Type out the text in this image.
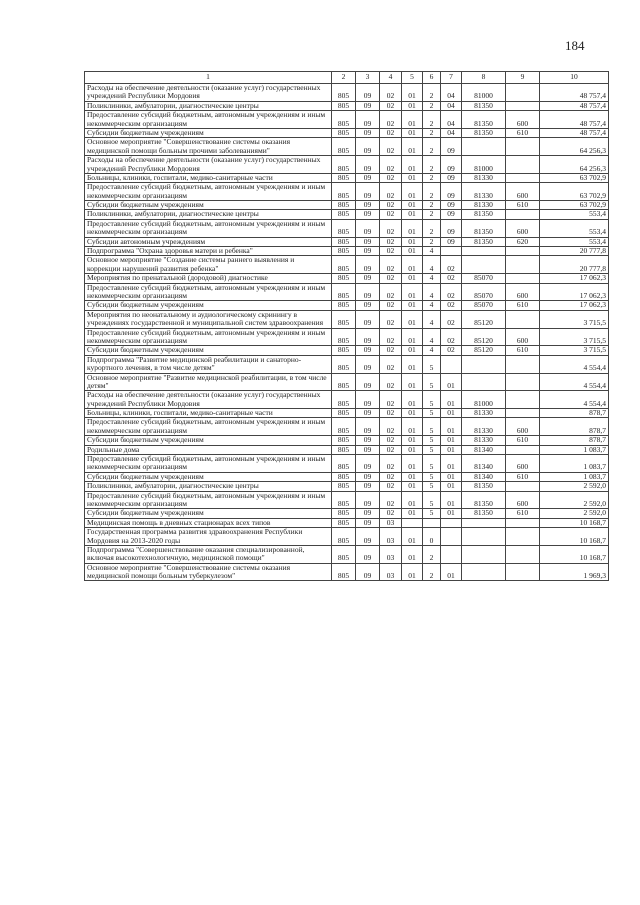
184
1	2	3	4	5	6	7	8	9	10
Расходы на обеспечение деятельности (оказание услуг) государственных учреждений Республики Мордовия	805	09	02	01	2	04	81000		48 757,4
Поликлиники, амбулатории, диагностические центры	805	09	02	01	2	04	81350		48 757,4
Предоставление субсидий бюджетным, автономным учреждениям и иным некоммерческим организациям	805	09	02	01	2	04	81350	600	48 757,4
Субсидии бюджетным учреждениям	805	09	02	01	2	04	81350	610	48 757,4
Основное мероприятие "Совершенствование системы оказания медицинской помощи больным прочими заболеваниями"	805	09	02	01	2	09			64 256,3
Расходы на обеспечение деятельности (оказание услуг) государственных учреждений Республики Мордовия	805	09	02	01	2	09	81000		64 256,3
Больницы, клиники, госпитали, медико-санитарные части	805	09	02	01	2	09	81330		63 702,9
Предоставление субсидий бюджетным, автономным учреждениям и иным некоммерческим организациям	805	09	02	01	2	09	81330	600	63 702,9
Субсидии бюджетным учреждениям	805	09	02	01	2	09	81330	610	63 702,9
Поликлиники, амбулатории, диагностические центры	805	09	02	01	2	09	81350		553,4
Предоставление субсидий бюджетным, автономным учреждениям и иным некоммерческим организациям	805	09	02	01	2	09	81350	600	553,4
Субсидии автономным учреждениям	805	09	02	01	2	09	81350	620	553,4
Подпрограмма "Охрана здоровья матери и ребенка"	805	09	02	01	4				20 777,8
Основное мероприятие "Создание системы раннего выявления и коррекции нарушений развития ребенка"	805	09	02	01	4	02			20 777,8
Мероприятия по пренатальной (дородовой) диагностике	805	09	02	01	4	02	85070		17 062,3
Предоставление субсидий бюджетным, автономным учреждениям и иным некоммерческим организациям	805	09	02	01	4	02	85070	600	17 062,3
Субсидии бюджетным учреждениям	805	09	02	01	4	02	85070	610	17 062,3
Мероприятия по неонатальному и аудиологическому скринингу в учреждениях государственной и муниципальной систем здравоохранения	805	09	02	01	4	02	85120		3 715,5
Предоставление субсидий бюджетным, автономным учреждениям и иным некоммерческим организациям	805	09	02	01	4	02	85120	600	3 715,5
Субсидии бюджетным учреждениям	805	09	02	01	4	02	85120	610	3 715,5
Подпрограмма "Развитие медицинской реабилитации и санаторно-курортного лечения, в том числе детям"	805	09	02	01	5				4 554,4
Основное мероприятие "Развитие медицинской реабилитации, в том числе детям"	805	09	02	01	5	01			4 554,4
Расходы на обеспечение деятельности (оказание услуг) государственных учреждений Республики Мордовия	805	09	02	01	5	01	81000		4 554,4
Больницы, клиники, госпитали, медико-санитарные части	805	09	02	01	5	01	81330		878,7
Предоставление субсидий бюджетным, автономным учреждениям и иным некоммерческим организациям	805	09	02	01	5	01	81330	600	878,7
Субсидии бюджетным учреждениям	805	09	02	01	5	01	81330	610	878,7
Родильные дома	805	09	02	01	5	01	81340		1 083,7
Предоставление субсидий бюджетным, автономным учреждениям и иным некоммерческим организациям	805	09	02	01	5	01	81340	600	1 083,7
Субсидии бюджетным учреждениям	805	09	02	01	5	01	81340	610	1 083,7
Поликлиники, амбулатории, диагностические центры	805	09	02	01	5	01	81350		2 592,0
Предоставление субсидий бюджетным, автономным учреждениям и иным некоммерческим организациям	805	09	02	01	5	01	81350	600	2 592,0
Субсидии бюджетным учреждениям	805	09	02	01	5	01	81350	610	2 592,0
Медицинская помощь в дневных стационарах всех типов	805	09	03						10 168,7
Государственная программа развития здравоохранения Республики Мордовия на 2013-2020 годы	805	09	03	01	0				10 168,7
Подпрограмма "Совершенствование оказания специализированной, включая высокотехнологичную, медицинской помощи"	805	09	03	01	2				10 168,7
Основное мероприятие "Совершенствование системы оказания медицинской помощи больным туберкулезом"	805	09	03	01	2	01			1 969,3
